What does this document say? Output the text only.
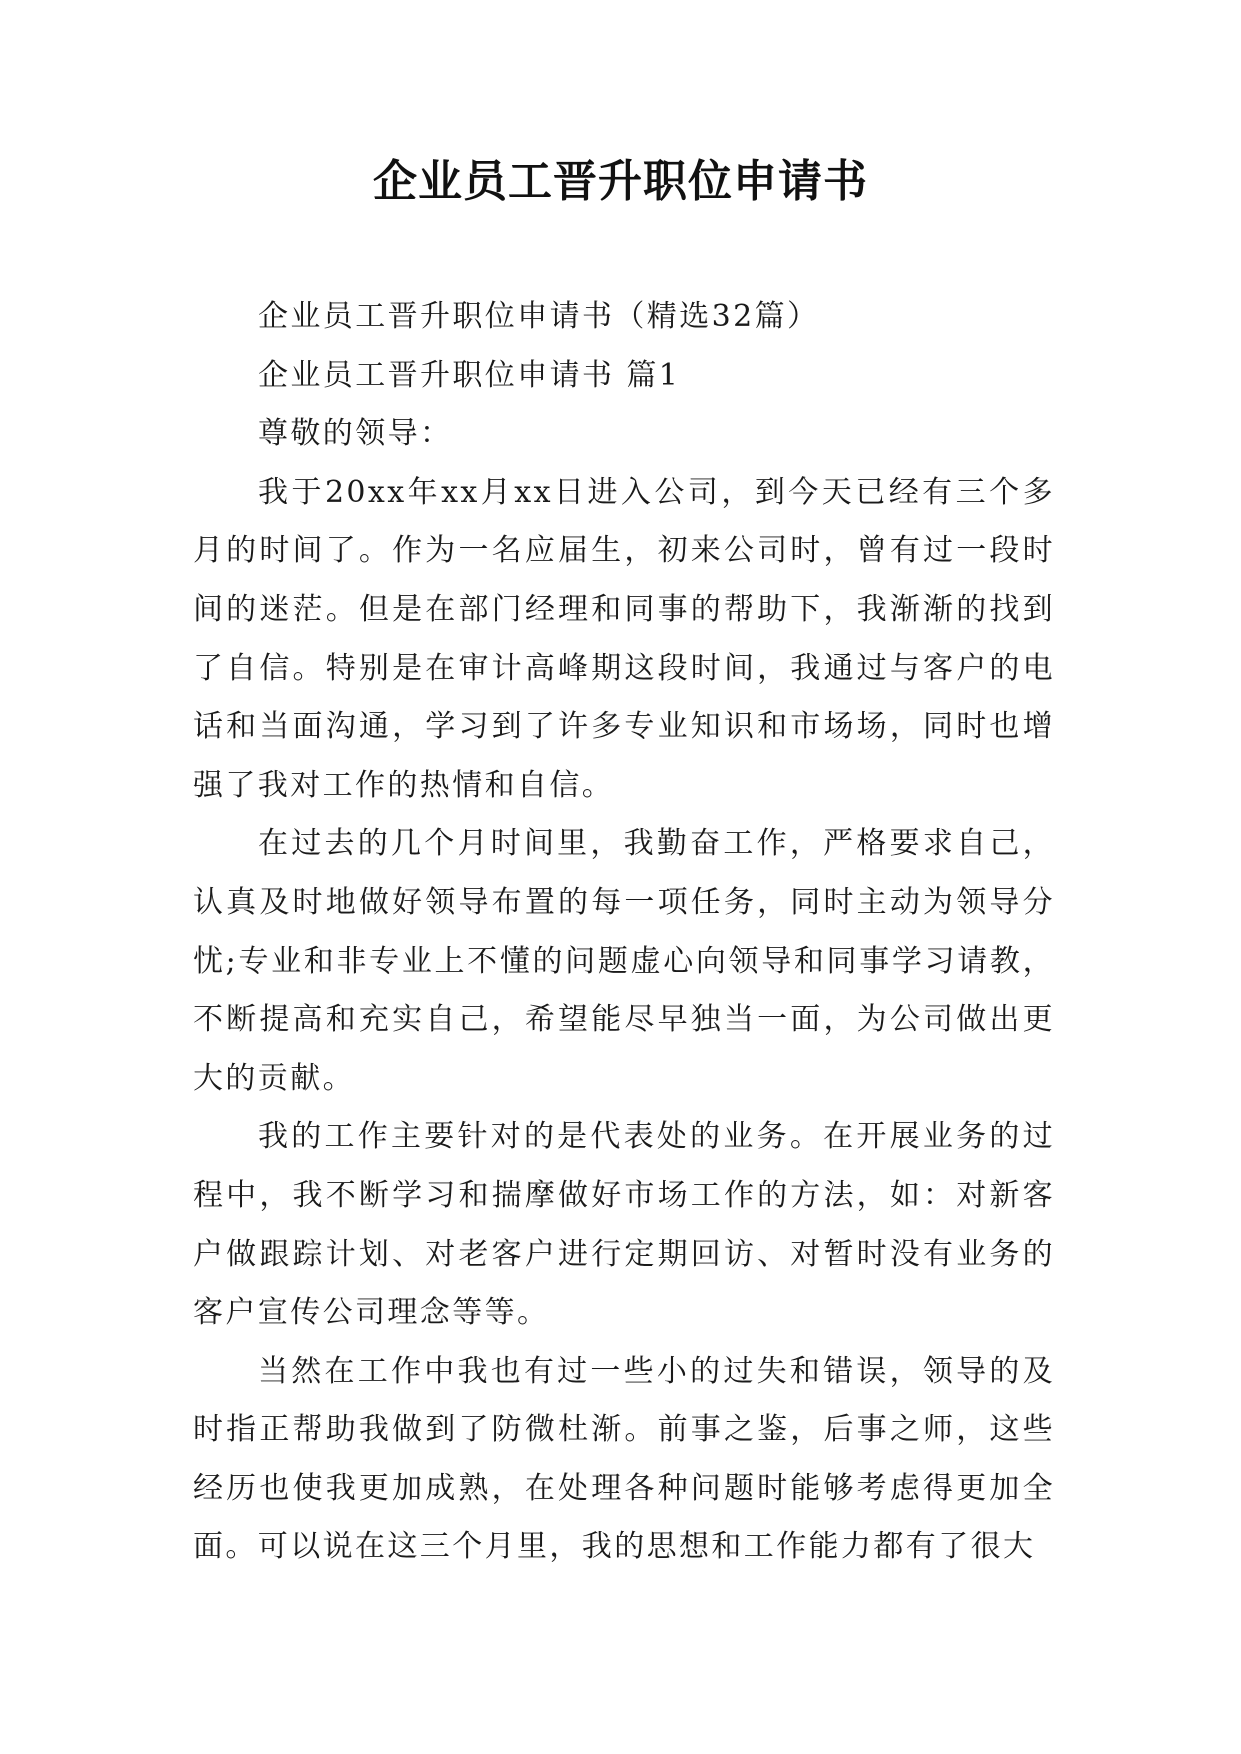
企业员工晋升职位申请书

企业员工晋升职位申请书（精选32篇）

企业员工晋升职位申请书 篇1

尊敬的领导：

我于20xx年xx月xx日进入公司，到今天已经有三个多月的时间了。作为一名应届生，初来公司时，曾有过一段时间的迷茫。但是在部门经理和同事的帮助下，我渐渐的找到了自信。特别是在审计高峰期这段时间，我通过与客户的电话和当面沟通，学习到了许多专业知识和市场场，同时也增强了我对工作的热情和自信。

在过去的几个月时间里，我勤奋工作，严格要求自己，认真及时地做好领导布置的每一项任务，同时主动为领导分忧;专业和非专业上不懂的问题虚心向领导和同事学习请教，不断提高和充实自己，希望能尽早独当一面，为公司做出更大的贡献。

我的工作主要针对的是代表处的业务。在开展业务的过程中，我不断学习和揣摩做好市场工作的方法，如：对新客户做跟踪计划、对老客户进行定期回访、对暂时没有业务的客户宣传公司理念等等。

当然在工作中我也有过一些小的过失和错误，领导的及时指正帮助我做到了防微杜渐。前事之鉴，后事之师，这些经历也使我更加成熟，在处理各种问题时能够考虑得更加全面。可以说在这三个月里，我的思想和工作能力都有了很大
